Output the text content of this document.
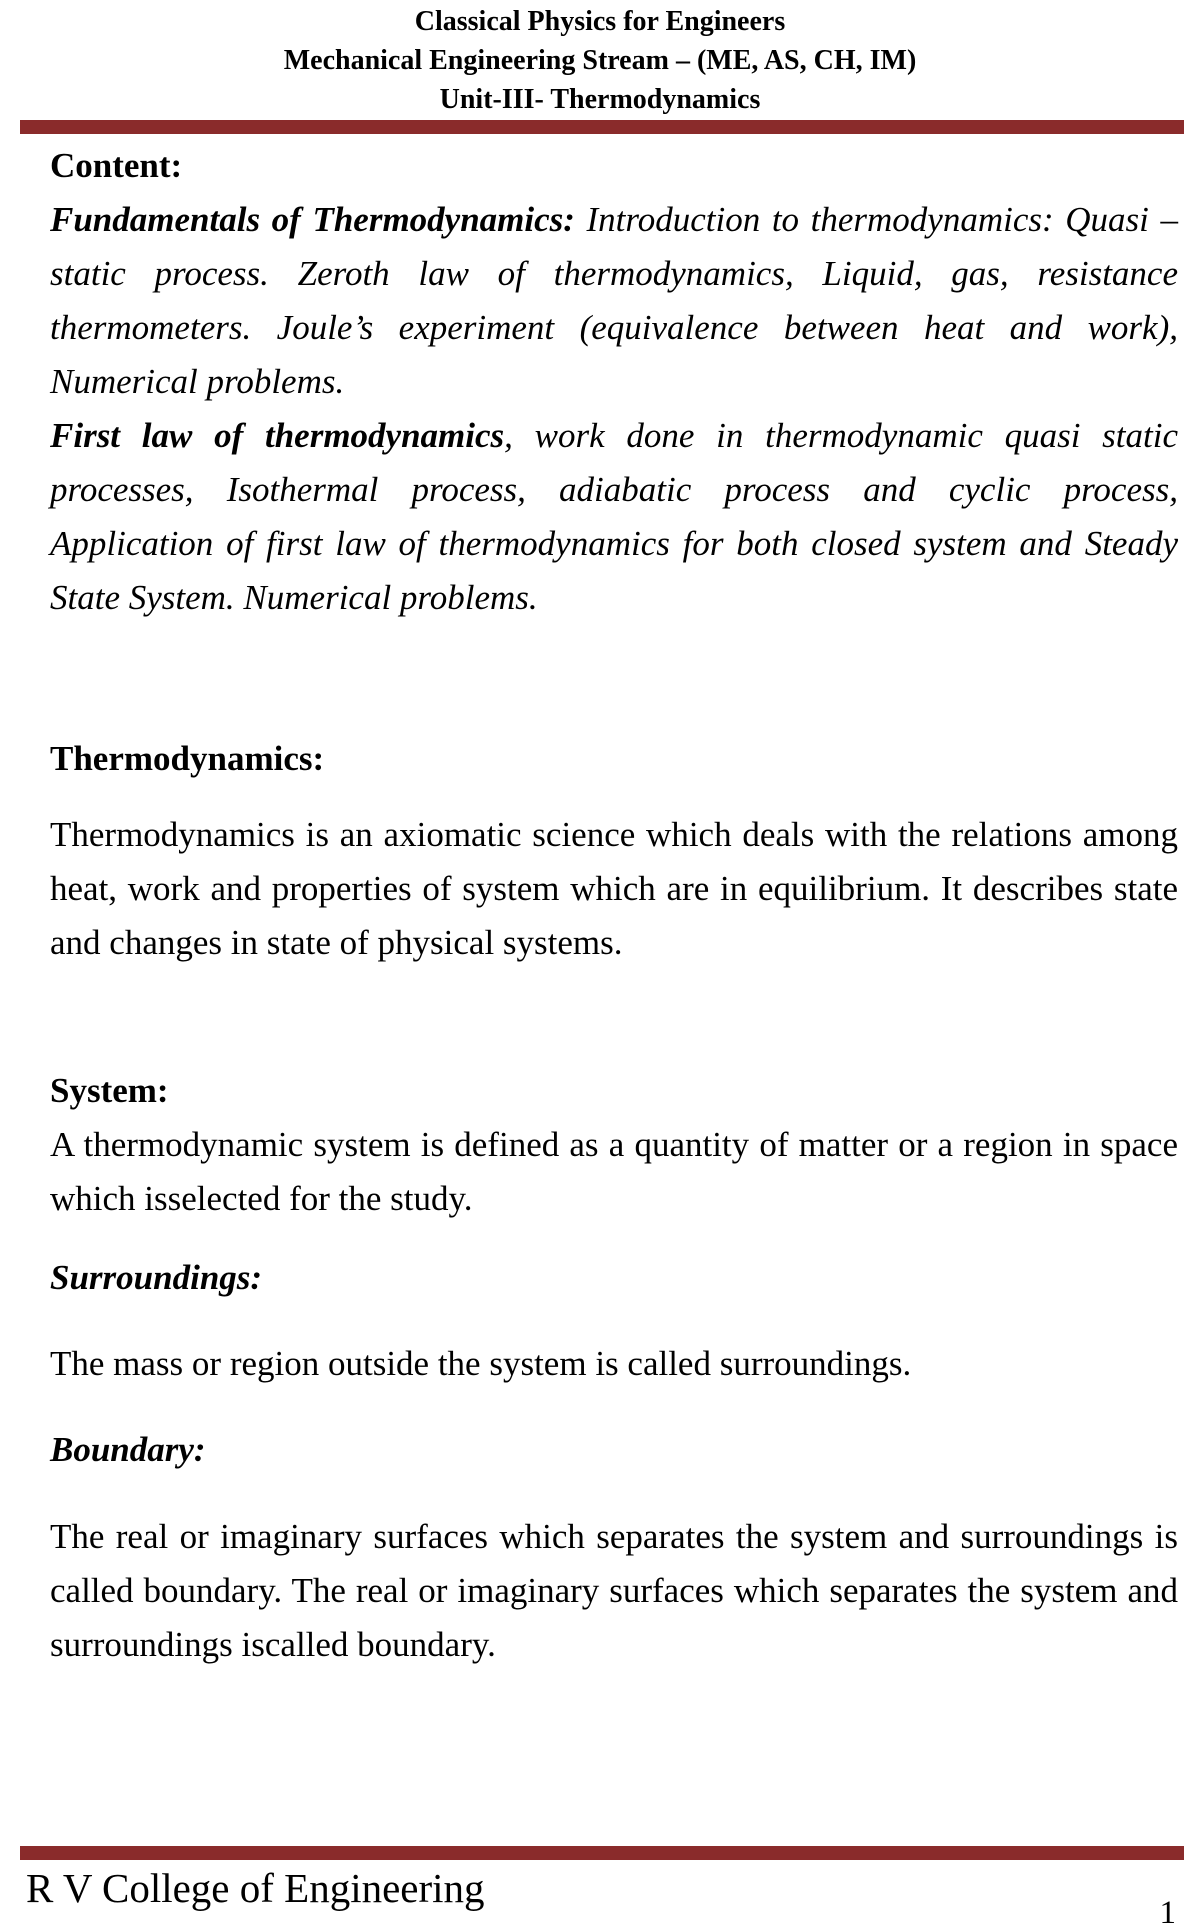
Classical Physics for Engineers
Mechanical Engineering Stream – (ME, AS, CH, IM)
Unit-III- Thermodynamics

Content:

Fundamentals of Thermodynamics: Introduction to thermodynamics: Quasi – static process. Zeroth law of thermodynamics, Liquid, gas, resistance thermometers. Joule’s experiment (equivalence between heat and work), Numerical problems.

First law of thermodynamics, work done in thermodynamic quasi static processes, Isothermal process, adiabatic process and cyclic process, Application of first law of thermodynamics for both closed system and Steady State System. Numerical problems.

Thermodynamics:

Thermodynamics is an axiomatic science which deals with the relations among heat, work and properties of system which are in equilibrium. It describes state and changes in state of physical systems.

System:

A thermodynamic system is defined as a quantity of matter or a region in space which isselected for the study.

Surroundings:

The mass or region outside the system is called surroundings.

Boundary:

The real or imaginary surfaces which separates the system and surroundings is called boundary. The real or imaginary surfaces which separates the system and surroundings iscalled boundary.

R V College of Engineering
1
